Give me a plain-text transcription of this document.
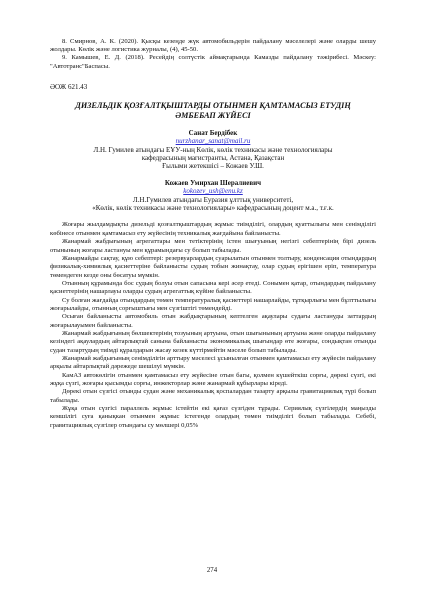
8. Смирнов, А. К. (2020). Қысқы кезеңде жүк автомобильдерін пайдалану мәселелері және оларды шешу жолдары. Көлік және логистика журналы, (4), 45-50.

9. Камышев, Е. Д. (2018). Ресейдің солтүстік аймақтарында Камазды пайдалану тәжірибесі. Мәскеу: "Автотранс"Баспасы.

ӘОЖ 621.43
ДИЗЕЛЬДІК ҚОЗҒАЛТҚЫШТАРДЫ ОТЫНМЕН ҚАМТАМАСЫЗ ЕТУДІҢ
ӘМБЕБАП ЖҮЙЕСІ
Санат Бердібек
nurzhanar_sanat@mail.ru
Л.Н. Гумилев атындағы ЕҰУ-ның Көлік, көлік техникасы және технологиялары
кафедрасының магистранты, Астана, Қазақстан
Ғылыми жетекшісі – Кожаев У.Ш.
Кожаев Умирхан Шералиевич
kokozev_ush@enu.kz
Л.Н.Гумилев атындағы Еуразия ұлттық университеті,
«Көлік, көлік техникасы және технологиялары» кафедрасының доцент м.а., т.ғ.к.

Жоғары жылдамдықты дизельді қозғалтқыштардың жұмыс тиімділігі, олардың қуаттылығы мен сенімділігі көбінесе отынмен қамтамасыз ету жүйесінің техникалық жағдайына байланысты.

Жанармай жабдығының агрегаттары мен тетіктерінің істен шығуының негізгі себептерінің бірі дизель отынының жоғары ластануы мен құрамындағы су болып табылады.

Жанармайды сақтау, құю себептері: резервуарлардың суарылатын отынмен толтыру, конденсация отындардың физикалық-химиялық қасиеттеріне байланысты судың тобын жинақтау, олар судың ерігішен еріп, температура төмендеген кезде оны бөсатуы мүмкін.

Отынның құрамында бос судың болуы отын сапасына кері әсер етеді. Сонымен қатар, отындардың пайдалану қасиеттерінің нашарлауы оларды судың агрегаттық күйіне байланысты.

Су болған жағдайда отындардың төмен температуралық қасиеттері нашарлайды, тұтқырлығы мен бұлттылығы жоғарылайды, отынның сорғыштығы мен сүзгіштігі төмендейді.

Осыған байланысты автомобиль отын жабдықтарының кептелген ақаулары судағы ластануды заттардың жоғарылауымен байланысты.

Жанармай жабдығының бөлшектерінің тозуының артуына, отын шығынының артуына және оларды пайдалану кезіндегі ақаулардың айтарлықтай санына байланысты экономикалық шығындар өте жоғары, сондықтан отынды судан тазартудың тиімді құралдарын жасау кезек күттірмейтін мәселе болып табылады.

Жанармай жабдығының сенімділігін арттыру мәселесі ұсынылған отынмен қамтамасыз ету жүйесін пайдалану арқылы айтарлықтай дәрежеде шешілуі мүмкін.

КамАЗ автокөлігін отынмен қамтамасыз ету жүйесіне отын багы, қолмен күшейткіш сорғы, дөрекі сүзгі, екі жұқа сүзгі, жоғары қысымды сорғы, инжекторлар және жанармай құбырлары кіреді.

Дөрекі отын сүзгісі отынды судан және механикалық қоспалардан тазарту арқылы гравитациялық түрі болып табылады.

Жұқа отын сүзгісі параллель жұмыс істейтін екі қағаз сүзгіден тұрады. Сериялық сүзгілердің маңызды кемшілігі суға қанықкан отынмен жұмыс істегенде олардың төмен тиімділігі болып табылады. Себебі, гравитациялық сүзгілер отындағы су мөлшері 0,05%

274
